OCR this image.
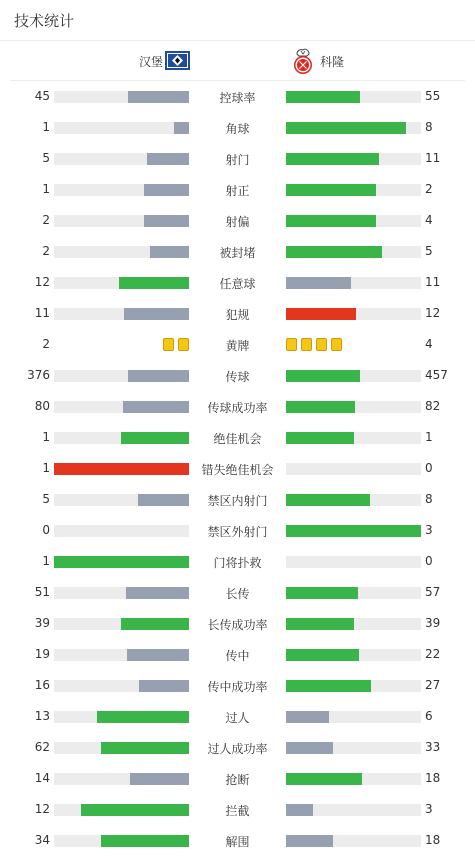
技术统计
汉堡	科隆
45	控球率	55
1	角球	8
5	射门	11
1	射正	2
2	射偏	4
2	被封堵	5
12	任意球	11
11	犯规	12
2	黄牌	4
376	传球	457
80	传球成功率	82
1	绝佳机会	1
1	错失绝佳机会	0
5	禁区内射门	8
0	禁区外射门	3
1	门将扑救	0
51	长传	57
39	长传成功率	39
19	传中	22
16	传中成功率	27
13	过人	6
62	过人成功率	33
14	抢断	18
12	拦截	3
34	解围	18
